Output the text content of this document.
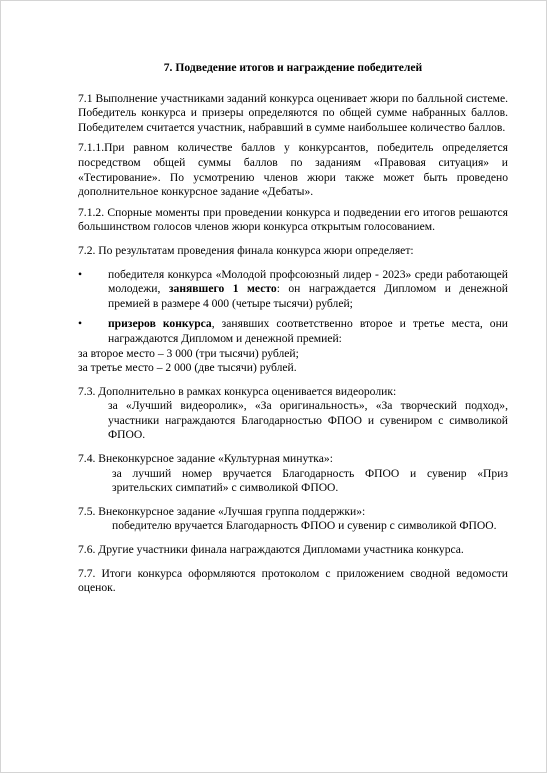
7. Подведение итогов и награждение победителей

7.1 Выполнение участниками заданий конкурса оценивает жюри по балльной системе. Победитель конкурса и призеры определяются по общей сумме набранных баллов. Победителем считается участник, набравший в сумме наибольшее количество баллов.

7.1.1.При равном количестве баллов у конкурсантов, победитель определяется посредством общей суммы баллов по заданиям «Правовая ситуация» и «Тестирование». По усмотрению членов жюри также может быть проведено дополнительное конкурсное задание «Дебаты».

7.1.2. Спорные моменты при проведении конкурса и подведении его итогов решаются большинством голосов членов жюри конкурса открытым голосованием.

7.2. По результатам проведения финала конкурса жюри определяет:

•	победителя конкурса «Молодой профсоюзный лидер - 2023» среди работающей молодежи, занявшего 1 место: он награждается Дипломом и денежной премией в размере 4 000 (четыре тысячи) рублей;
•	призеров конкурса, занявших соответственно второе и третье места, они награждаются Дипломом и денежной премией:

за второе место – 3 000 (три тысячи) рублей;

за третье место – 2 000 (две тысячи) рублей.

7.3. Дополнительно в рамках конкурса оценивается видеоролик:

за «Лучший видеоролик», «За оригинальность», «За творческий подход», участники награждаются Благодарностью ФПОО и сувениром с символикой ФПОО.

7.4. Внеконкурсное задание «Культурная минутка»:

за лучший номер вручается Благодарность ФПОО и сувенир «Приз зрительских симпатий» с символикой ФПОО.

7.5. Внеконкурсное задание «Лучшая группа поддержки»:

победителю вручается Благодарность ФПОО и сувенир с символикой ФПОО.

7.6. Другие участники финала награждаются Дипломами участника конкурса.

7.7. Итоги конкурса оформляются протоколом с приложением сводной ведомости оценок.
